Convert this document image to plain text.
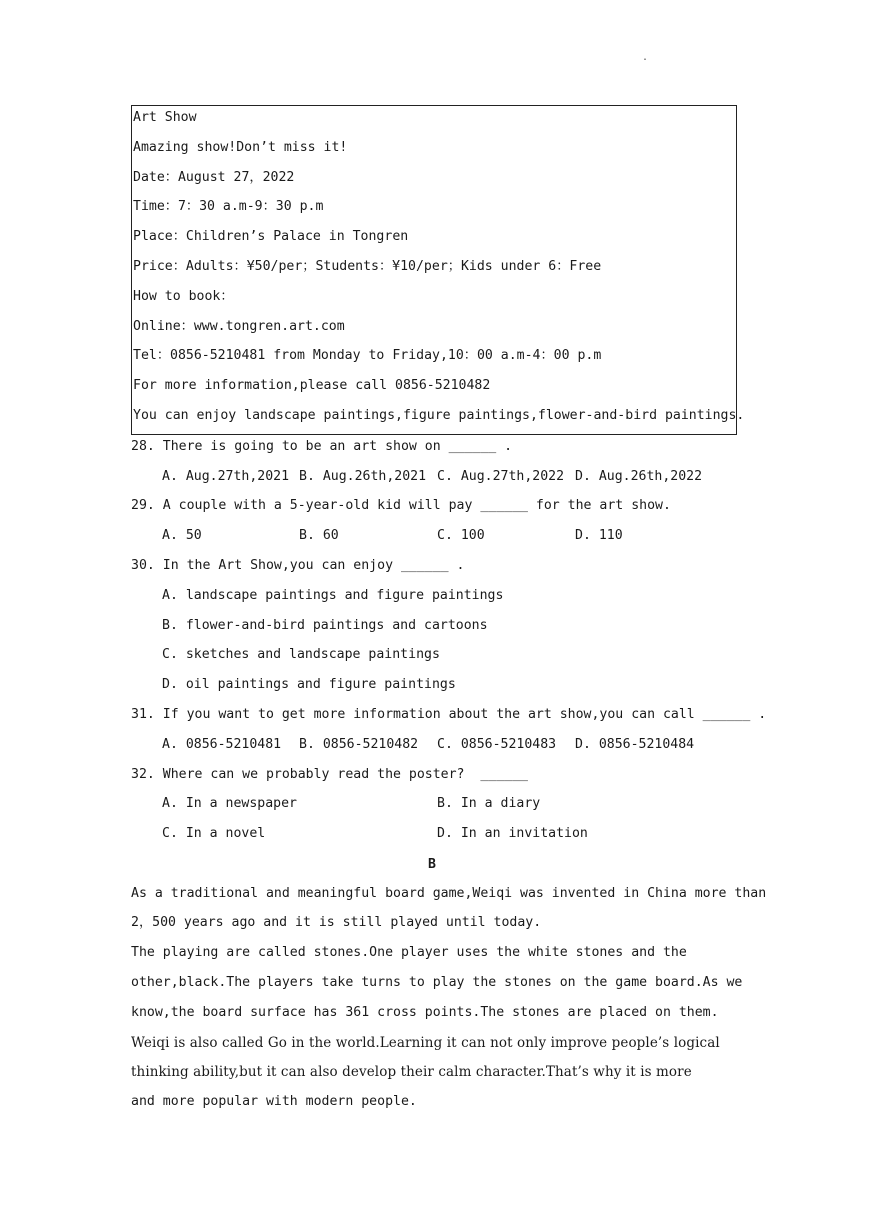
.
Art Show
Amazing show!Don’t miss it!
Date：August 27，2022
Time：7：30 a.m-9：30 p.m
Place：Children’s Palace in Tongren
Price：Adults：¥50/per；Students：¥10/per；Kids under 6：Free
How to book：
Online：www.tongren.art.com
Tel：0856-5210481 from Monday to Friday,10：00 a.m-4：00 p.m
For more information,please call 0856-5210482
You can enjoy landscape paintings,figure paintings,flower-and-bird paintings.
28. There is going to be an art show on ______ .
A. Aug.27th,2021 B. Aug.26th,2021 C. Aug.27th,2022 D. Aug.26th,2022
29. A couple with a 5-year-old kid will pay ______ for the art show.
A. 50	B. 60	C. 100	D. 110
30. In the Art Show,you can enjoy ______ .
A. landscape paintings and figure paintings
B. flower-and-bird paintings and cartoons
C. sketches and landscape paintings
D. oil paintings and figure paintings
31. If you want to get more information about the art show,you can call ______ .
A. 0856-5210481 B. 0856-5210482 C. 0856-5210483 D. 0856-5210484
32. Where can we probably read the poster?  ______
A. In a newspaper	B. In a diary
C. In a novel	D. In an invitation
B
As a traditional and meaningful board game,Weiqi was invented in China more than
2，500 years ago and it is still played until today.
The playing are called stones.One player uses the white stones and the
other,black.The players take turns to play the stones on the game board.As we
know,the board surface has 361 cross points.The stones are placed on them.
Weiqi is also called Go in the world.Learning it can not only improve people’s logical
thinking ability,but it can also develop their calm character.That’s why it is more
and more popular with modern people.
